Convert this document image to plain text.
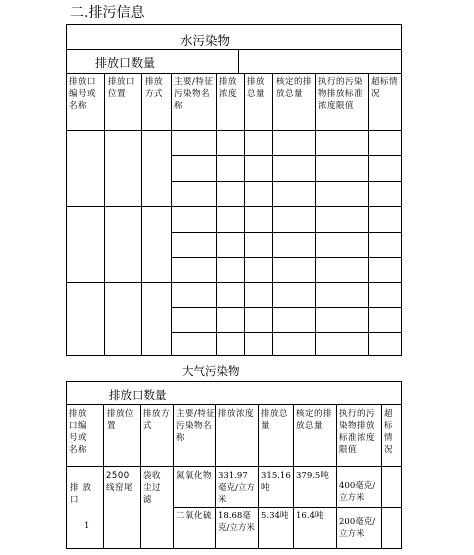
二.排污信息
水污染物
排放口数量
排放口编号或名称
排放口位置
排放方式
主要/特征污染物名称
排放浓度
排放总量
核定的排放总量
执行的污染物排放标准浓度限值
超标情况
大气污染物
排放口数量
排放口编号或名称
排放位置
排放方式
主要/特征污染物名称
排放浓度 排放总量
核定的排放总量
执行的污染物排放标准浓度限值
超标情况
排放口
1
2500线窑尾
袋收尘过滤
氮氧化物 331.97毫克/立方米
315.16吨
379.5吨
400毫克/立方米
二氧化硫 18.68毫克/立方米
5.34吨 16.4吨
200毫克/立方米
